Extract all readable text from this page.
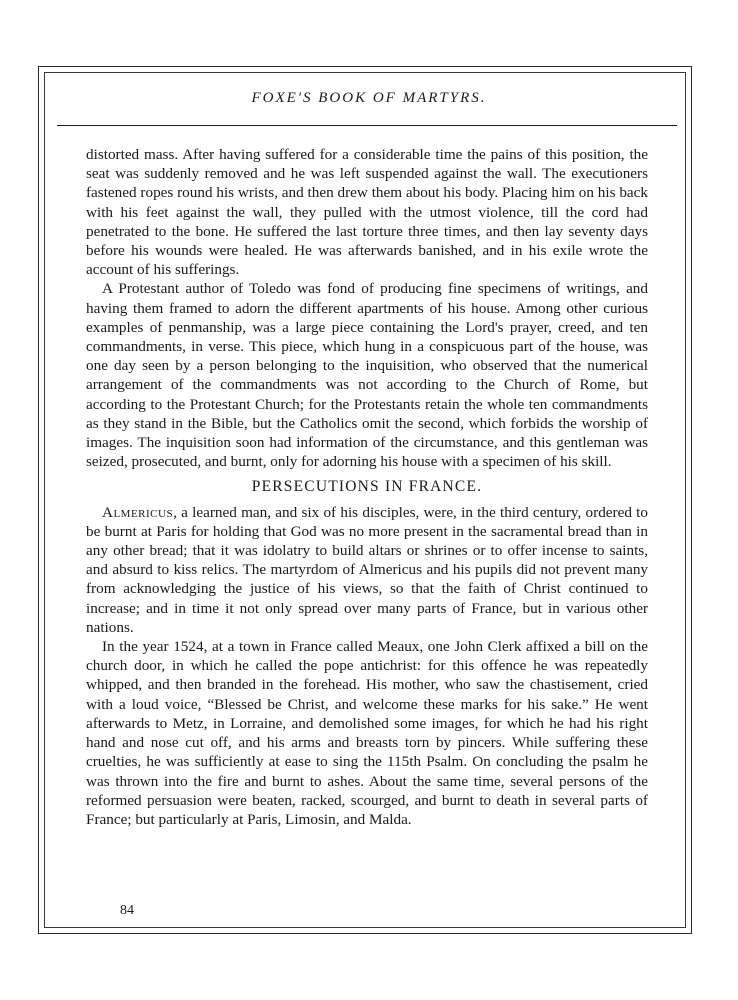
FOXE'S BOOK OF MARTYRS.

distorted mass. After having suffered for a considerable time the pains of this position, the seat was suddenly removed and he was left suspended against the wall. The executioners fastened ropes round his wrists, and then drew them about his body. Placing him on his back with his feet against the wall, they pulled with the utmost violence, till the cord had penetrated to the bone. He suffered the last torture three times, and then lay seventy days before his wounds were healed. He was afterwards banished, and in his exile wrote the account of his sufferings.

A Protestant author of Toledo was fond of producing fine specimens of writings, and having them framed to adorn the different apartments of his house. Among other curious examples of penmanship, was a large piece containing the Lord's prayer, creed, and ten commandments, in verse. This piece, which hung in a conspicuous part of the house, was one day seen by a person belonging to the inquisition, who observed that the numerical arrangement of the commandments was not according to the Church of Rome, but according to the Protestant Church; for the Protestants retain the whole ten commandments as they stand in the Bible, but the Catholics omit the second, which forbids the worship of images. The inquisition soon had information of the circumstance, and this gentleman was seized, prosecuted, and burnt, only for adorning his house with a specimen of his skill.

PERSECUTIONS IN FRANCE.

Almericus, a learned man, and six of his disciples, were, in the third century, ordered to be burnt at Paris for holding that God was no more present in the sacramental bread than in any other bread; that it was idolatry to build altars or shrines or to offer incense to saints, and absurd to kiss relics. The martyrdom of Almericus and his pupils did not prevent many from acknowledging the justice of his views, so that the faith of Christ continued to increase; and in time it not only spread over many parts of France, but in various other nations.

In the year 1524, at a town in France called Meaux, one John Clerk affixed a bill on the church door, in which he called the pope antichrist: for this offence he was repeatedly whipped, and then branded in the forehead. His mother, who saw the chastisement, cried with a loud voice, “Blessed be Christ, and welcome these marks for his sake.” He went afterwards to Metz, in Lorraine, and demolished some images, for which he had his right hand and nose cut off, and his arms and breasts torn by pincers. While suffering these cruelties, he was sufficiently at ease to sing the 115th Psalm. On concluding the psalm he was thrown into the fire and burnt to ashes. About the same time, several persons of the reformed persuasion were beaten, racked, scourged, and burnt to death in several parts of France; but particularly at Paris, Limosin, and Malda.

84
